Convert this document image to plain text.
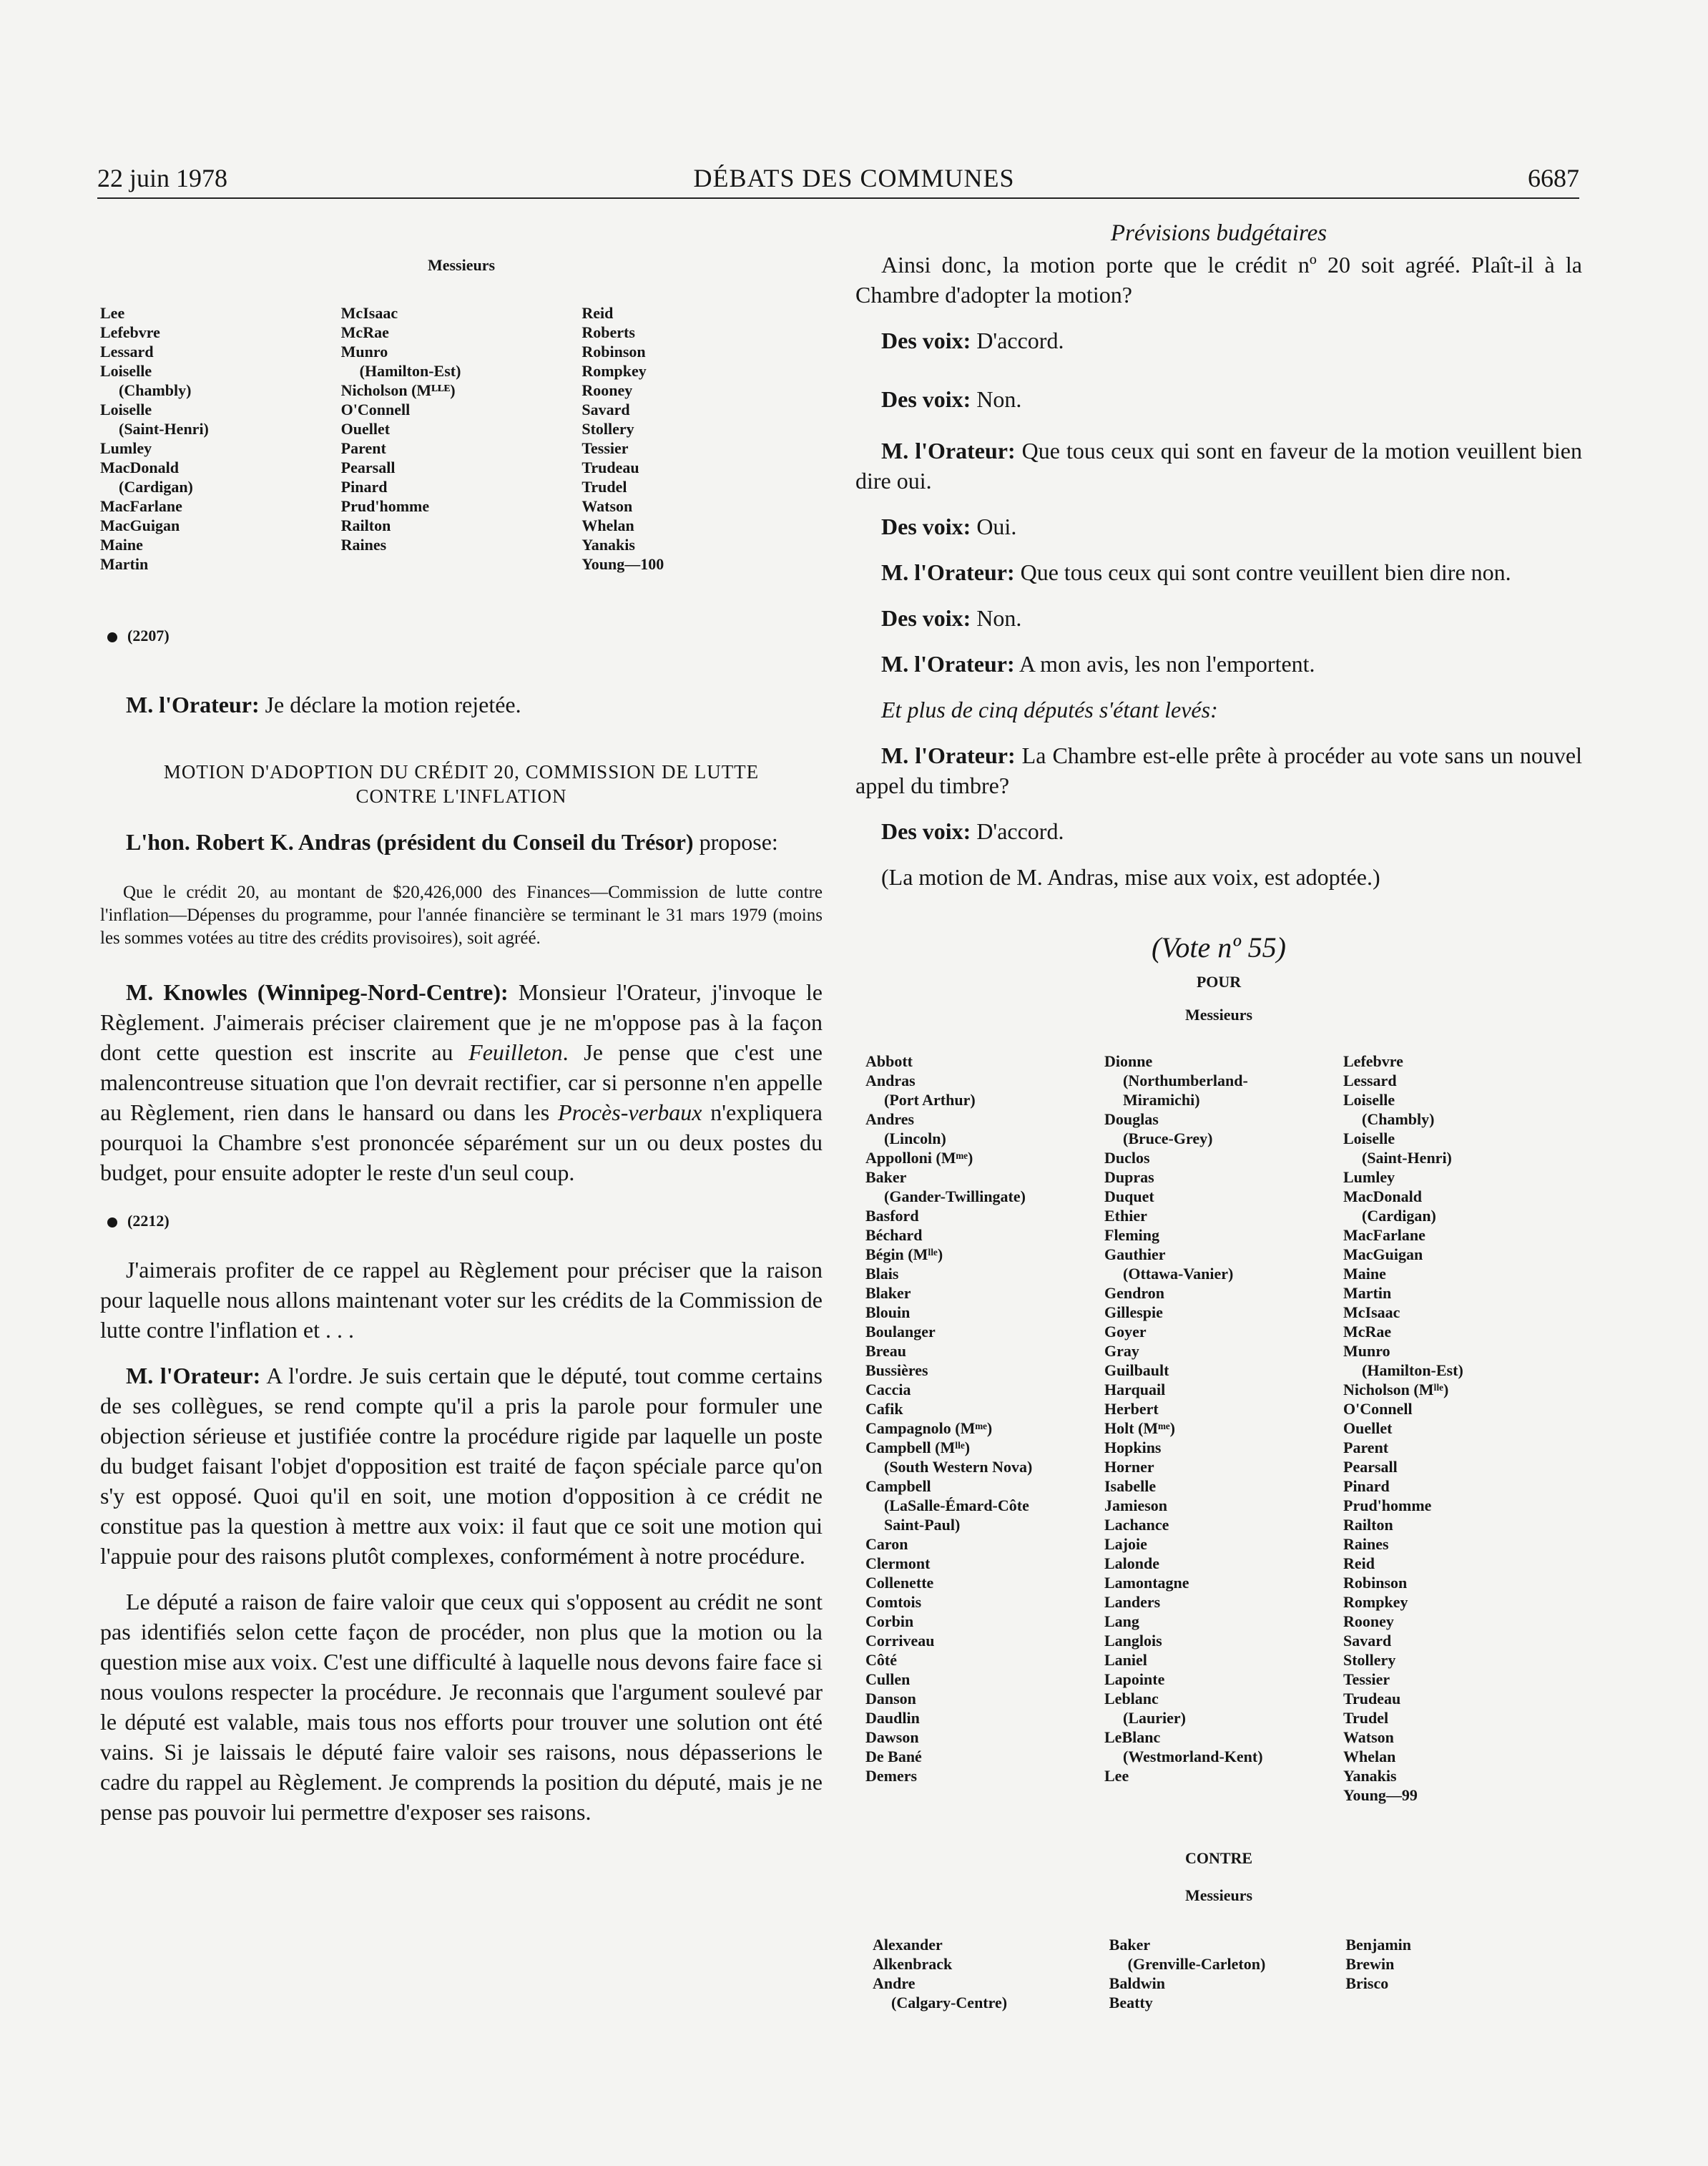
22 juin 1978	DÉBATS DES COMMUNES	6687
Messieurs
Lee
Lefebvre
Lessard
Loiselle
(Chambly)
Loiselle
(Saint-Henri)
Lumley
MacDonald
(Cardigan)
MacFarlane
MacGuigan
Maine
Martin
McIsaac
McRae
Munro
(Hamilton-Est)
Nicholson (Mᴸᴸᴱ)
O'Connell
Ouellet
Parent
Pearsall
Pinard
Prud'homme
Railton
Raines
Reid
Roberts
Robinson
Rompkey
Rooney
Savard
Stollery
Tessier
Trudeau
Trudel
Watson
Whelan
Yanakis
Young—100
(2207)

M. l'Orateur: Je déclare la motion rejetée.

MOTION D'ADOPTION DU CRÉDIT 20, COMMISSION DE LUTTE
CONTRE L'INFLATION

L'hon. Robert K. Andras (président du Conseil du Trésor) propose:

Que le crédit 20, au montant de $20,426,000 des Finances—Commission de lutte contre l'inflation—Dépenses du programme, pour l'année financière se terminant le 31 mars 1979 (moins les sommes votées au titre des crédits provisoires), soit agréé.

M. Knowles (Winnipeg-Nord-Centre): Monsieur l'Orateur, j'invoque le Règlement. J'aimerais préciser clairement que je ne m'oppose pas à la façon dont cette question est inscrite au Feuilleton. Je pense que c'est une malencontreuse situation que l'on devrait rectifier, car si personne n'en appelle au Règlement, rien dans le hansard ou dans les Procès-verbaux n'expliquera pourquoi la Chambre s'est prononcée séparément sur un ou deux postes du budget, pour ensuite adopter le reste d'un seul coup.

(2212)

J'aimerais profiter de ce rappel au Règlement pour préciser que la raison pour laquelle nous allons maintenant voter sur les crédits de la Commission de lutte contre l'inflation et . . .

M. l'Orateur: A l'ordre. Je suis certain que le député, tout comme certains de ses collègues, se rend compte qu'il a pris la parole pour formuler une objection sérieuse et justifiée contre la procédure rigide par laquelle un poste du budget faisant l'objet d'opposition est traité de façon spéciale parce qu'on s'y est opposé. Quoi qu'il en soit, une motion d'opposition à ce crédit ne constitue pas la question à mettre aux voix: il faut que ce soit une motion qui l'appuie pour des raisons plutôt complexes, conformément à notre procédure.

Le député a raison de faire valoir que ceux qui s'opposent au crédit ne sont pas identifiés selon cette façon de procéder, non plus que la motion ou la question mise aux voix. C'est une difficulté à laquelle nous devons faire face si nous voulons respecter la procédure. Je reconnais que l'argument soulevé par le député est valable, mais tous nos efforts pour trouver une solution ont été vains. Si je laissais le député faire valoir ses raisons, nous dépasserions le cadre du rappel au Règlement. Je comprends la position du député, mais je ne pense pas pouvoir lui permettre d'exposer ses raisons.

Prévisions budgétaires

Ainsi donc, la motion porte que le crédit nº 20 soit agréé. Plaît-il à la Chambre d'adopter la motion?

Des voix: D'accord.

Des voix: Non.

M. l'Orateur: Que tous ceux qui sont en faveur de la motion veuillent bien dire oui.

Des voix: Oui.

M. l'Orateur: Que tous ceux qui sont contre veuillent bien dire non.

Des voix: Non.

M. l'Orateur: A mon avis, les non l'emportent.

Et plus de cinq députés s'étant levés:

M. l'Orateur: La Chambre est-elle prête à procéder au vote sans un nouvel appel du timbre?

Des voix: D'accord.

(La motion de M. Andras, mise aux voix, est adoptée.)

(Vote nº 55)
POUR
Messieurs
Abbott
Andras
(Port Arthur)
Andres
(Lincoln)
Appolloni (Mᵐᵉ)
Baker
(Gander-Twillingate)
Basford
Béchard
Bégin (Mˡˡᵉ)
Blais
Blaker
Blouin
Boulanger
Breau
Bussières
Caccia
Cafik
Campagnolo (Mᵐᵉ)
Campbell (Mˡˡᵉ)
(South Western Nova)
Campbell
(LaSalle-Émard-Côte
Saint-Paul)
Caron
Clermont
Collenette
Comtois
Corbin
Corriveau
Côté
Cullen
Danson
Daudlin
Dawson
De Bané
Demers
Dionne
(Northumberland-
Miramichi)
Douglas
(Bruce-Grey)
Duclos
Dupras
Duquet
Ethier
Fleming
Gauthier
(Ottawa-Vanier)
Gendron
Gillespie
Goyer
Gray
Guilbault
Harquail
Herbert
Holt (Mᵐᵉ)
Hopkins
Horner
Isabelle
Jamieson
Lachance
Lajoie
Lalonde
Lamontagne
Landers
Lang
Langlois
Laniel
Lapointe
Leblanc
(Laurier)
LeBlanc
(Westmorland-Kent)
Lee
Lefebvre
Lessard
Loiselle
(Chambly)
Loiselle
(Saint-Henri)
Lumley
MacDonald
(Cardigan)
MacFarlane
MacGuigan
Maine
Martin
McIsaac
McRae
Munro
(Hamilton-Est)
Nicholson (Mˡˡᵉ)
O'Connell
Ouellet
Parent
Pearsall
Pinard
Prud'homme
Railton
Raines
Reid
Robinson
Rompkey
Rooney
Savard
Stollery
Tessier
Trudeau
Trudel
Watson
Whelan
Yanakis
Young—99
CONTRE
Messieurs
Alexander
Alkenbrack
Andre
(Calgary-Centre)
Baker
(Grenville-Carleton)
Baldwin
Beatty
Benjamin
Brewin
Brisco
